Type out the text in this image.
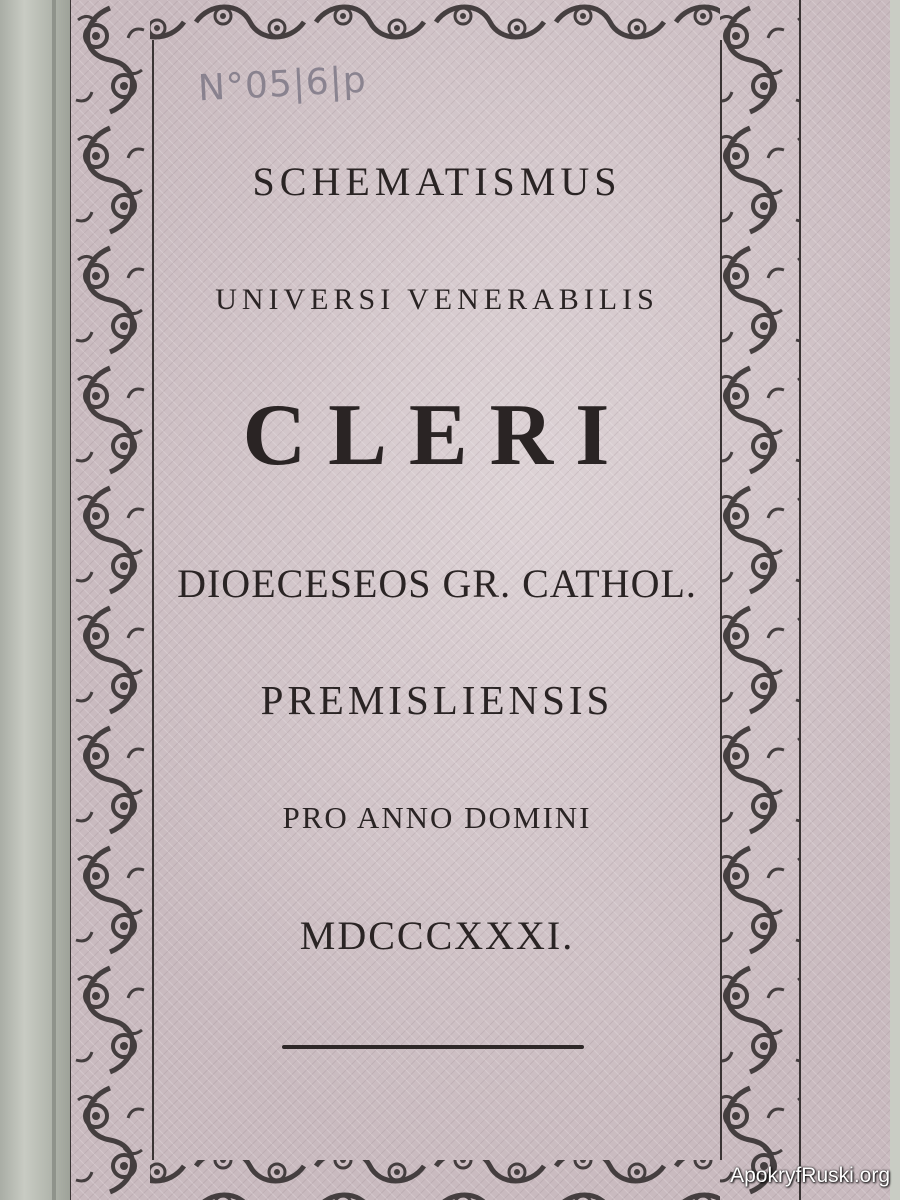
N°05|6|p
SCHEMATISMUS
UNIVERSI VENERABILIS
CLERI
DIOECESEOS GR. CATHOL.
PREMISLIENSIS
PRO ANNO DOMINI
MDCCCXXXI.
ApokryfRuski.org
